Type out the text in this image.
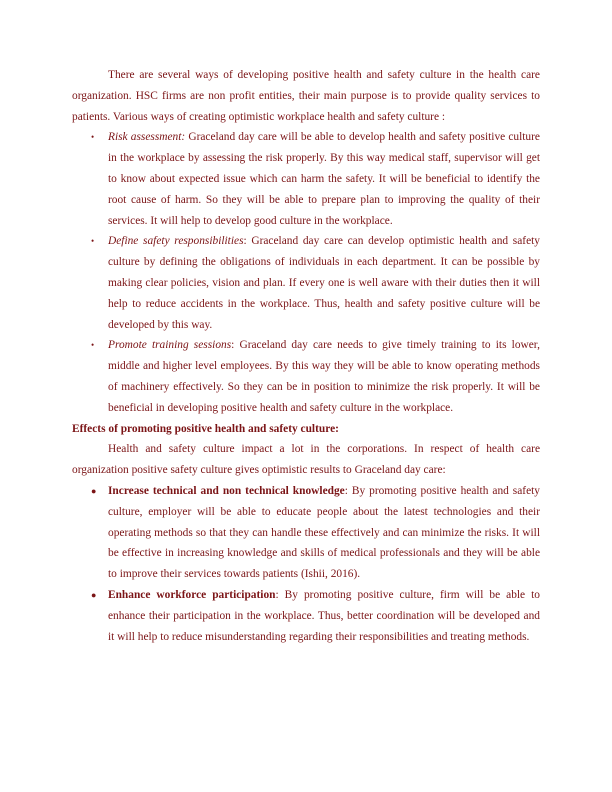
There are several ways of developing positive health and safety culture in the health care organization. HSC firms are non profit entities, their main purpose is to provide quality services to patients. Various ways of creating optimistic workplace health and safety culture :

• Risk assessment: Graceland day care will be able to develop health and safety positive culture in the workplace by assessing the risk properly. By this way medical staff, supervisor will get to know about expected issue which can harm the safety. It will be beneficial to identify the root cause of harm. So they will be able to prepare plan to improving the quality of their services. It will help to develop good culture in the workplace.
• Define safety responsibilities: Graceland day care can develop optimistic health and safety culture by defining the obligations of individuals in each department. It can be possible by making clear policies, vision and plan. If every one is well aware with their duties then it will help to reduce accidents in the workplace. Thus, health and safety positive culture will be developed by this way.
• Promote training sessions: Graceland day care needs to give timely training to its lower, middle and higher level employees. By this way they will be able to know operating methods of machinery effectively. So they can be in position to minimize the risk properly. It will be beneficial in developing positive health and safety culture in the workplace.

Effects of promoting positive health and safety culture:

Health and safety culture impact a lot in the corporations. In respect of health care organization positive safety culture gives optimistic results to Graceland day care:

● Increase technical and non technical knowledge: By promoting positive health and safety culture, employer will be able to educate people about the latest technologies and their operating methods so that they can handle these effectively and can minimize the risks. It will be effective in increasing knowledge and skills of medical professionals and they will be able to improve their services towards patients (Ishii, 2016).
● Enhance workforce participation: By promoting positive culture, firm will be able to enhance their participation in the workplace. Thus, better coordination will be developed and it will help to reduce misunderstanding regarding their responsibilities and treating methods.
